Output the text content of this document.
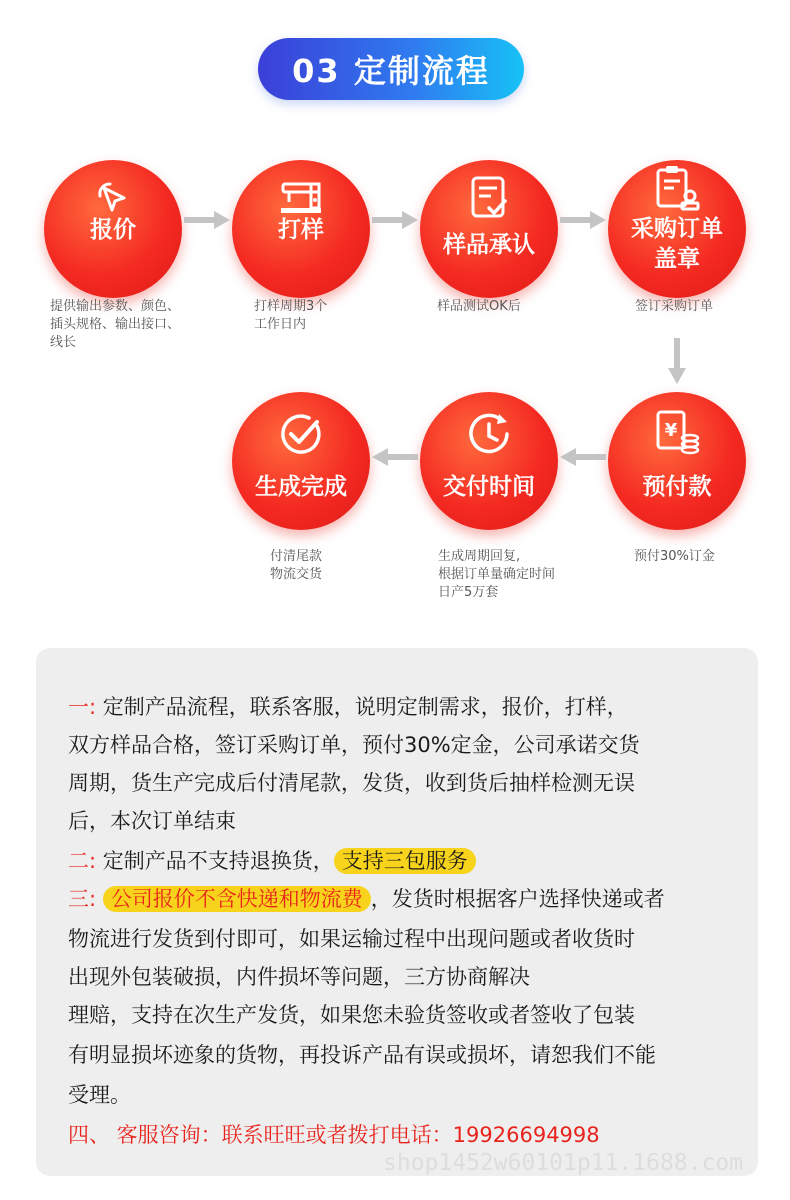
03 定制流程
报价	打样
样品承认
采购订单
盖章
提供输出参数、颜色、
插头规格、输出接口、
线长
打样周期3个
工作日内
样品测试OK后	签订采购订单
生成完成	交付时间
¥
预付款
付清尾款
物流交货
生成周期回复,
根据订单量确定时间
日产5万套
预付30%订金
一: 定制产品流程，联系客服，说明定制需求，报价，打样，
双方样品合格，签订采购订单，预付30%定金，公司承诺交货
周期，货生产完成后付清尾款，发货，收到货后抽样检测无误
后，本次订单结束
二: 定制产品不支持退换货， 支持三包服务
三: 公司报价不含快递和物流费 ，发货时根据客户选择快递或者
物流进行发货到付即可，如果运输过程中出现问题或者收货时
出现外包装破损，内件损坏等问题，三方协商解决
理赔，支持在次生产发货，如果您未验货签收或者签收了包装
有明显损坏迹象的货物，再投诉产品有误或损坏，请恕我们不能
受理。
四、 客服咨询：联系旺旺或者拨打电话：19926694998
shop1452w60101p11.1688.com
